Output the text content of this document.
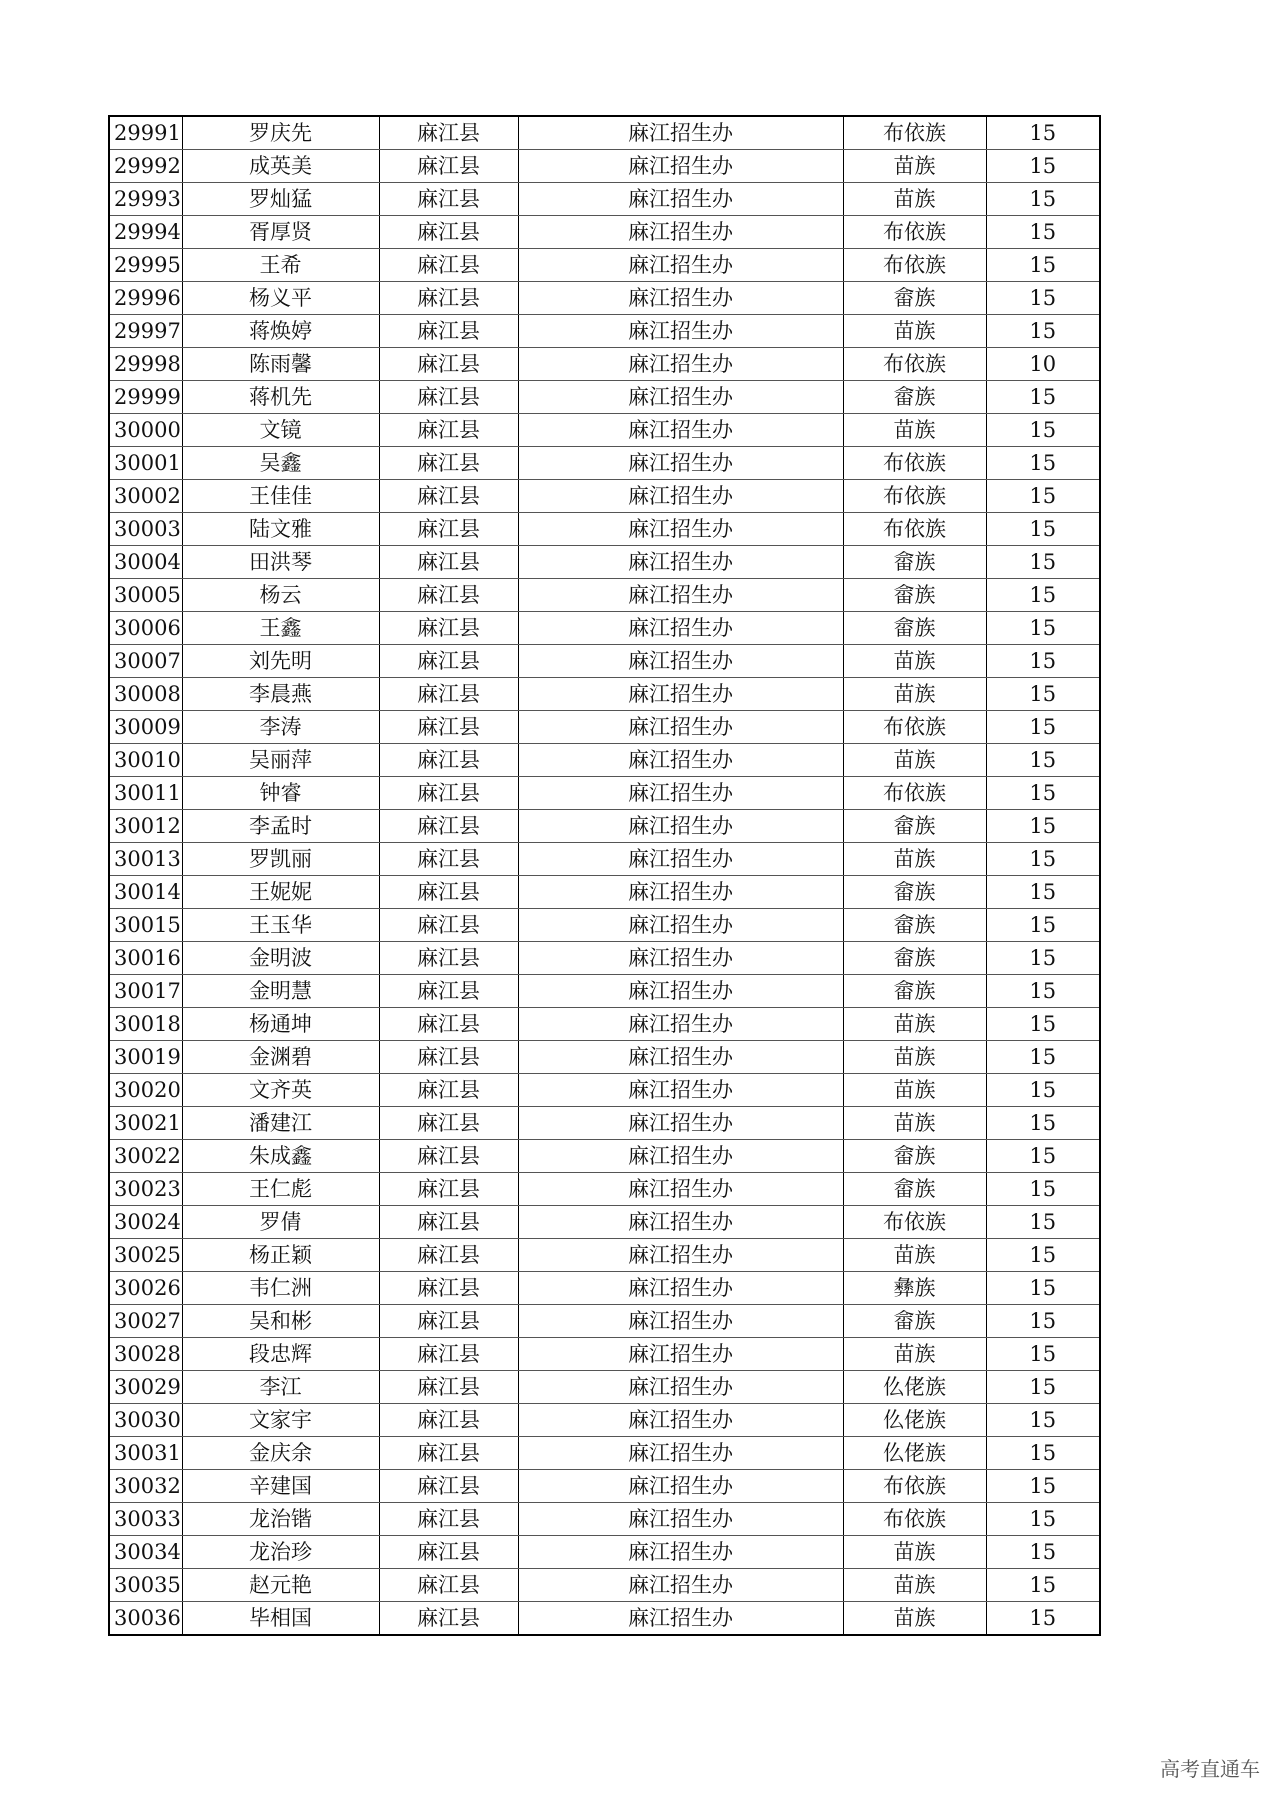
29991	罗庆先	麻江县	麻江招生办	布依族	15
29992	成英美	麻江县	麻江招生办	苗族	15
29993	罗灿猛	麻江县	麻江招生办	苗族	15
29994	胥厚贤	麻江县	麻江招生办	布依族	15
29995	王希	麻江县	麻江招生办	布依族	15
29996	杨义平	麻江县	麻江招生办	畲族	15
29997	蒋焕婷	麻江县	麻江招生办	苗族	15
29998	陈雨馨	麻江县	麻江招生办	布依族	10
29999	蒋机先	麻江县	麻江招生办	畲族	15
30000	文镜	麻江县	麻江招生办	苗族	15
30001	吴鑫	麻江县	麻江招生办	布依族	15
30002	王佳佳	麻江县	麻江招生办	布依族	15
30003	陆文雅	麻江县	麻江招生办	布依族	15
30004	田洪琴	麻江县	麻江招生办	畲族	15
30005	杨云	麻江县	麻江招生办	畲族	15
30006	王鑫	麻江县	麻江招生办	畲族	15
30007	刘先明	麻江县	麻江招生办	苗族	15
30008	李晨燕	麻江县	麻江招生办	苗族	15
30009	李涛	麻江县	麻江招生办	布依族	15
30010	吴丽萍	麻江县	麻江招生办	苗族	15
30011	钟睿	麻江县	麻江招生办	布依族	15
30012	李孟时	麻江县	麻江招生办	畲族	15
30013	罗凯丽	麻江县	麻江招生办	苗族	15
30014	王妮妮	麻江县	麻江招生办	畲族	15
30015	王玉华	麻江县	麻江招生办	畲族	15
30016	金明波	麻江县	麻江招生办	畲族	15
30017	金明慧	麻江县	麻江招生办	畲族	15
30018	杨通坤	麻江县	麻江招生办	苗族	15
30019	金渊碧	麻江县	麻江招生办	苗族	15
30020	文齐英	麻江县	麻江招生办	苗族	15
30021	潘建江	麻江县	麻江招生办	苗族	15
30022	朱成鑫	麻江县	麻江招生办	畲族	15
30023	王仁彪	麻江县	麻江招生办	畲族	15
30024	罗倩	麻江县	麻江招生办	布依族	15
30025	杨正颖	麻江县	麻江招生办	苗族	15
30026	韦仁洲	麻江县	麻江招生办	彝族	15
30027	吴和彬	麻江县	麻江招生办	畲族	15
30028	段忠辉	麻江县	麻江招生办	苗族	15
30029	李江	麻江县	麻江招生办	仫佬族	15
30030	文家宇	麻江县	麻江招生办	仫佬族	15
30031	金庆余	麻江县	麻江招生办	仫佬族	15
30032	辛建国	麻江县	麻江招生办	布依族	15
30033	龙治锴	麻江县	麻江招生办	布依族	15
30034	龙治珍	麻江县	麻江招生办	苗族	15
30035	赵元艳	麻江县	麻江招生办	苗族	15
30036	毕相国	麻江县	麻江招生办	苗族	15
高考直通车
